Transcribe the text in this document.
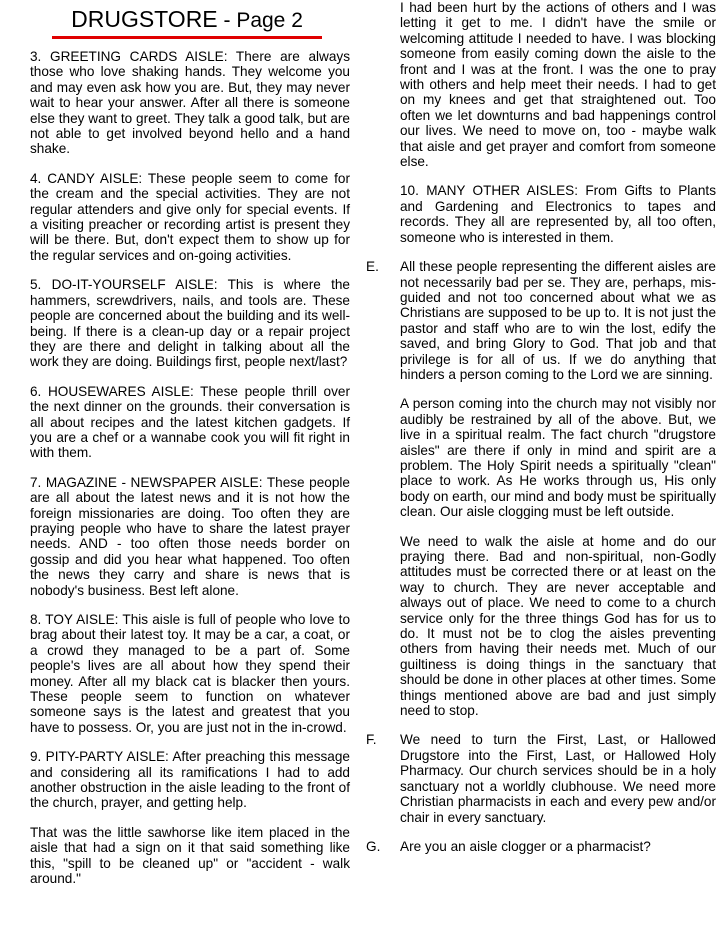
DRUGSTORE - Page 2

3. GREETING CARDS AISLE: There are always those who love shaking hands. They welcome you and may even ask how you are. But, they may never wait to hear your answer. After all there is someone else they want to greet. They talk a good talk, but are not able to get involved beyond hello and a hand shake.

4. CANDY AISLE: These people seem to come for the cream and the special activities. They are not regular attenders and give only for special events. If a visiting preacher or recording artist is present they will be there. But, don't expect them to show up for the regular services and on-going activities.

5. DO-IT-YOURSELF AISLE: This is where the hammers, screwdrivers, nails, and tools are. These people are concerned about the building and its well-being. If there is a clean-up day or a repair project they are there and delight in talking about all the work they are doing. Buildings first, people next/last?

6. HOUSEWARES AISLE: These people thrill over the next dinner on the grounds. their conversation is all about recipes and the latest kitchen gadgets. If you are a chef or a wannabe cook you will fit right in with them.

7. MAGAZINE - NEWSPAPER AISLE: These people are all about the latest news and it is not how the foreign missionaries are doing. Too often they are praying people who have to share the latest prayer needs. AND - too often those needs border on gossip and did you hear what happened. Too often the news they carry and share is news that is nobody's business. Best left alone.

8. TOY AISLE: This aisle is full of people who love to brag about their latest toy. It may be a car, a coat, or a crowd they managed to be a part of. Some people's lives are all about how they spend their money. After all my black cat is blacker then yours. These people seem to function on whatever someone says is the latest and greatest that you have to possess. Or, you are just not in the in-crowd.

9. PITY-PARTY AISLE: After preaching this message and considering all its ramifications I had to add another obstruction in the aisle leading to the front of the church, prayer, and getting help.

That was the little sawhorse like item placed in the aisle that had a sign on it that said something like this, "spill to be cleaned up" or "accident - walk around."

I had been hurt by the actions of others and I was letting it get to me. I didn't have the smile or welcoming attitude I needed to have. I was blocking someone from easily coming down the aisle to the front and I was at the front. I was the one to pray with others and help meet their needs. I had to get on my knees and get that straightened out. Too often we let downturns and bad happenings control our lives. We need to move on, too - maybe walk that aisle and get prayer and comfort from someone else.

10. MANY OTHER AISLES: From Gifts to Plants and Gardening and Electronics to tapes and records. They all are represented by, all too often, someone who is interested in them.

E.	All these people representing the different aisles are not necessarily bad per se. They are, perhaps, mis-guided and not too concerned about what we as Christians are supposed to be up to. It is not just the pastor and staff who are to win the lost, edify the saved, and bring Glory to God. That job and that privilege is for all of us. If we do anything that hinders a person coming to the Lord we are sinning.

A person coming into the church may not visibly nor audibly be restrained by all of the above. But, we live in a spiritual realm. The fact church "drugstore aisles" are there if only in mind and spirit are a problem. The Holy Spirit needs a spiritually "clean" place to work. As He works through us, His only body on earth, our mind and body must be spiritually clean. Our aisle clogging must be left outside.

We need to walk the aisle at home and do our praying there. Bad and non-spiritual, non-Godly attitudes must be corrected there or at least on the way to church. They are never acceptable and always out of place. We need to come to a church service only for the three things God has for us to do. It must not be to clog the aisles preventing others from having their needs met. Much of our guiltiness is doing things in the sanctuary that should be done in other places at other times. Some things mentioned above are bad and just simply need to stop.

F.	We need to turn the First, Last, or Hallowed Drugstore into the First, Last, or Hallowed Holy Pharmacy. Our church services should be in a holy sanctuary not a worldly clubhouse. We need more Christian pharmacists in each and every pew and/or chair in every sanctuary.

G.	Are you an aisle clogger or a pharmacist?
